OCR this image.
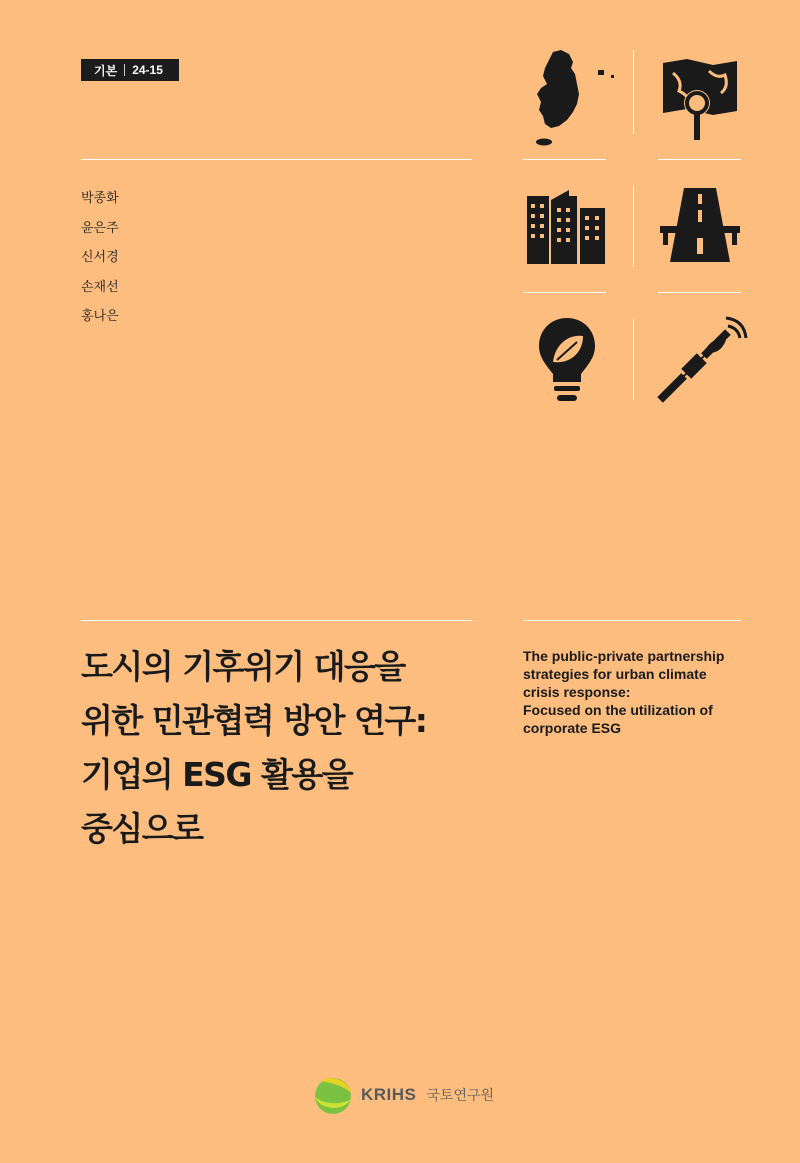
기본 24-15
박종화
윤은주
신서경
손재선
홍나은
도시의 기후위기 대응을
위한 민관협력 방안 연구:
기업의 ESG 활용을
중심으로
The public-private partnership
strategies for urban climate
crisis response:
Focused on the utilization of
corporate ESG
KRIHS 국토연구원
